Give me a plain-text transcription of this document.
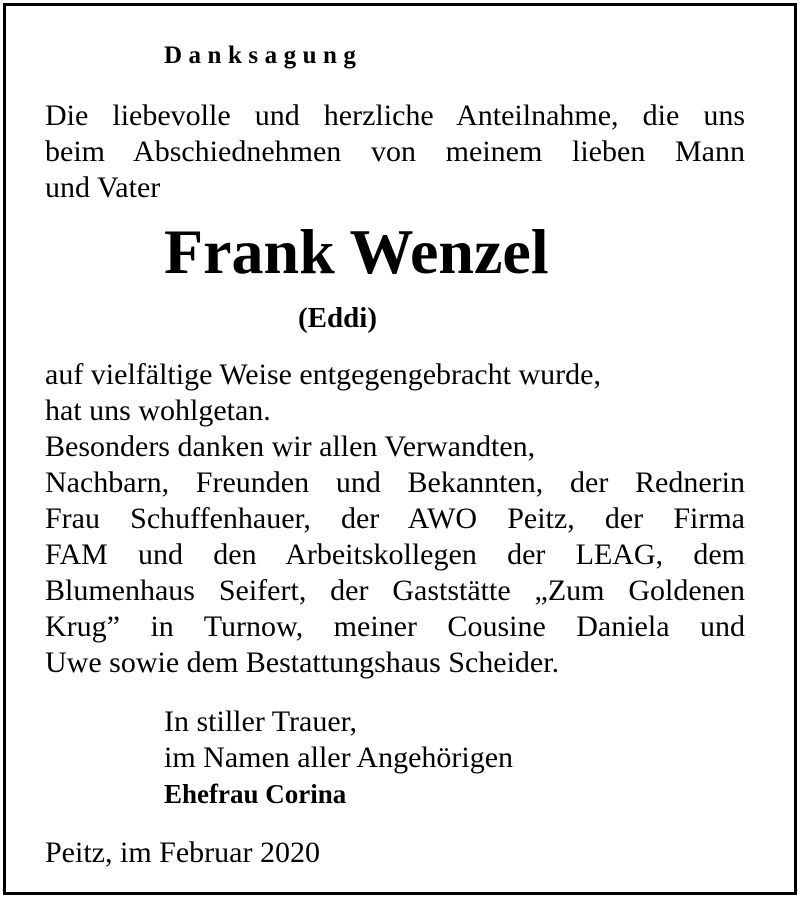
Danksagung
Die liebevolle und herzliche Anteilnahme, die uns
beim Abschiednehmen von meinem lieben Mann
und Vater
Frank Wenzel
(Eddi)
auf vielfältige Weise entgegengebracht wurde,
hat uns wohlgetan.
Besonders danken wir allen Verwandten,
Nachbarn, Freunden und Bekannten, der Rednerin
Frau Schuffenhauer, der AWO Peitz, der Firma
FAM und den Arbeitskollegen der LEAG, dem
Blumenhaus Seifert, der Gaststätte „Zum Goldenen
Krug” in Turnow, meiner Cousine Daniela und
Uwe sowie dem Bestattungshaus Scheider.
In stiller Trauer,
im Namen aller Angehörigen
Ehefrau Corina
Peitz, im Februar 2020
